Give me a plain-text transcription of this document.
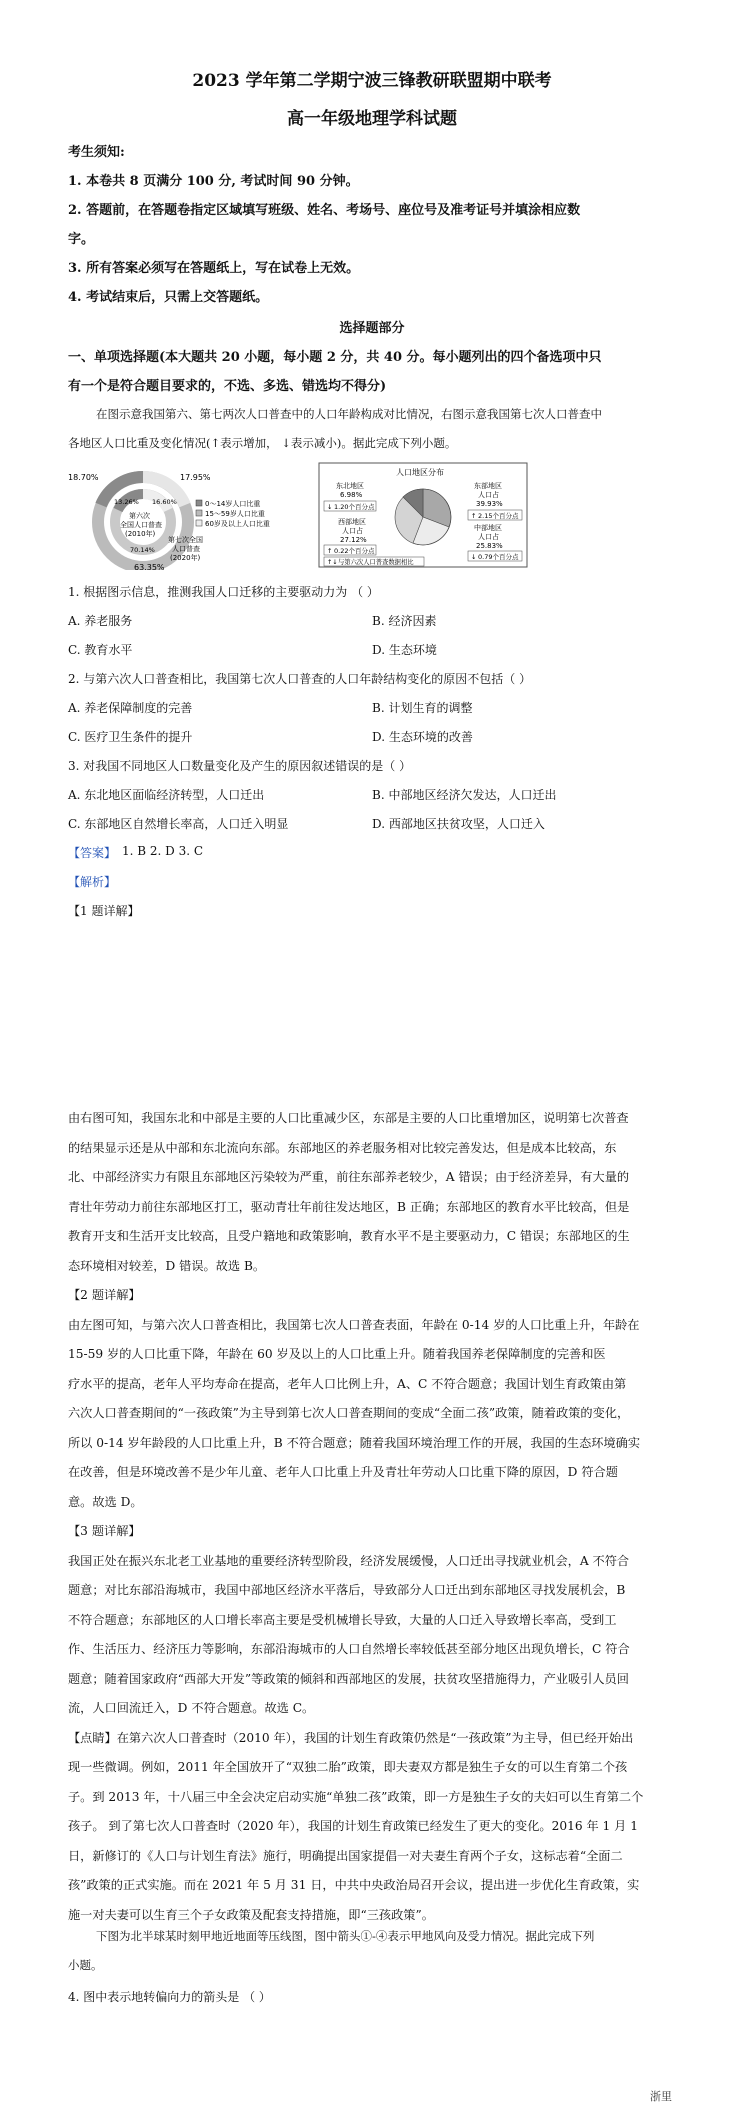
2023 学年第二学期宁波三锋教研联盟期中联考
高一年级地理学科试题
考生须知:
1. 本卷共 8 页满分 100 分, 考试时间 90 分钟。
2. 答题前，在答题卷指定区域填写班级、姓名、考场号、座位号及准考证号并填涂相应数
字。
3. 所有答案必须写在答题纸上，写在试卷上无效。
4. 考试结束后，只需上交答题纸。
选择题部分
一、单项选择题(本大题共 20 小题，每小题 2 分，共 40 分。每小题列出的四个备选项中只
有一个是符合题目要求的，不选、多选、错选均不得分)
在图示意我国第六、第七两次人口普查中的人口年龄构成对比情况，右图示意我国第七次人口普查中
各地区人口比重及变化情况(↑表示增加， ↓表示减小)。据此完成下列小题。
18.70%	17.95%
13.26% 16.60%
第六次
全国人口普查
(2010年)
70.14%
第七次全国
人口普查
(2020年)
63.35%
0～14岁人口比重
15～59岁人口比重
60岁及以上人口比重
人口地区分布
东北地区
6.98%
↓ 1.20个百分点
东部地区
人口占
39.93%
↑ 2.15个百分点
西部地区
人口占
27.12%
↑ 0.22个百分点
中部地区
人口占
25.83%
↓ 0.79个百分点
↑↓ 与第六次人口普查数据相比
1. 根据图示信息，推测我国人口迁移的主要驱动力为 （ ）
A. 养老服务	B. 经济因素
C. 教育水平	D. 生态环境
2. 与第六次人口普查相比，我国第七次人口普查的人口年龄结构变化的原因不包括（ ）
A. 养老保障制度的完善	B. 计划生育的调整
C. 医疗卫生条件的提升	D. 生态环境的改善
3. 对我国不同地区人口数量变化及产生的原因叙述错误的是（ ）
A. 东北地区面临经济转型，人口迁出	B. 中部地区经济欠发达，人口迁出
C. 东部地区自然增长率高，人口迁入明显	D. 西部地区扶贫攻坚，人口迁入
【答案】 1. B 2. D 3. C
【解析】
【1 题详解】

由右图可知，我国东北和中部是主要的人口比重减少区，东部是主要的人口比重增加区，说明第七次普查

的结果显示还是从中部和东北流向东部。东部地区的养老服务相对比较完善发达，但是成本比较高，东

北、中部经济实力有限且东部地区污染较为严重，前往东部养老较少，A 错误；由于经济差异，有大量的

青壮年劳动力前往东部地区打工，驱动青壮年前往发达地区，B 正确；东部地区的教育水平比较高，但是

教育开支和生活开支比较高，且受户籍地和政策影响，教育水平不是主要驱动力，C 错误；东部地区的生

态环境相对较差，D 错误。故选 B。

【2 题详解】

由左图可知，与第六次人口普查相比，我国第七次人口普查表面，年龄在 0-14 岁的人口比重上升，年龄在

15-59 岁的人口比重下降，年龄在 60 岁及以上的人口比重上升。随着我国养老保障制度的完善和医

疗水平的提高，老年人平均寿命在提高，老年人口比例上升，A、C 不符合题意；我国计划生育政策由第

六次人口普查期间的“一孩政策”为主导到第七次人口普查期间的变成“全面二孩”政策，随着政策的变化，

所以 0-14 岁年龄段的人口比重上升，B 不符合题意；随着我国环境治理工作的开展，我国的生态环境确实

在改善，但是环境改善不是少年儿童、老年人口比重上升及青壮年劳动人口比重下降的原因，D 符合题

意。故选 D。

【3 题详解】

我国正处在振兴东北老工业基地的重要经济转型阶段，经济发展缓慢，人口迁出寻找就业机会，A 不符合

题意；对比东部沿海城市，我国中部地区经济水平落后，导致部分人口迁出到东部地区寻找发展机会，B

不符合题意；东部地区的人口增长率高主要是受机械增长导致，大量的人口迁入导致增长率高，受到工

作、生活压力、经济压力等影响，东部沿海城市的人口自然增长率较低甚至部分地区出现负增长，C 符合

题意；随着国家政府“西部大开发”等政策的倾斜和西部地区的发展，扶贫攻坚措施得力，产业吸引人员回

流，人口回流迁入，D 不符合题意。故选 C。

【点睛】在第六次人口普查时（2010 年），我国的计划生育政策仍然是“一孩政策”为主导，但已经开始出

现一些微调。例如，2011 年全国放开了“双独二胎”政策，即夫妻双方都是独生子女的可以生育第二个孩

子。到 2013 年，十八届三中全会决定启动实施“单独二孩”政策，即一方是独生子女的夫妇可以生育第二个

孩子。 到了第七次人口普查时（2020 年），我国的计划生育政策已经发生了更大的变化。2016 年 1 月 1

日，新修订的《人口与计划生育法》施行，明确提出国家提倡一对夫妻生育两个子女，这标志着“全面二

孩”政策的正式实施。而在 2021 年 5 月 31 日，中共中央政治局召开会议，提出进一步优化生育政策，实

施一对夫妻可以生育三个子女政策及配套支持措施，即“三孩政策”。

下图为北半球某时刻甲地近地面等压线图，图中箭头①-④表示甲地风向及受力情况。据此完成下列
小题。
4. 图中表示地转偏向力的箭头是 （ ）
浙里
